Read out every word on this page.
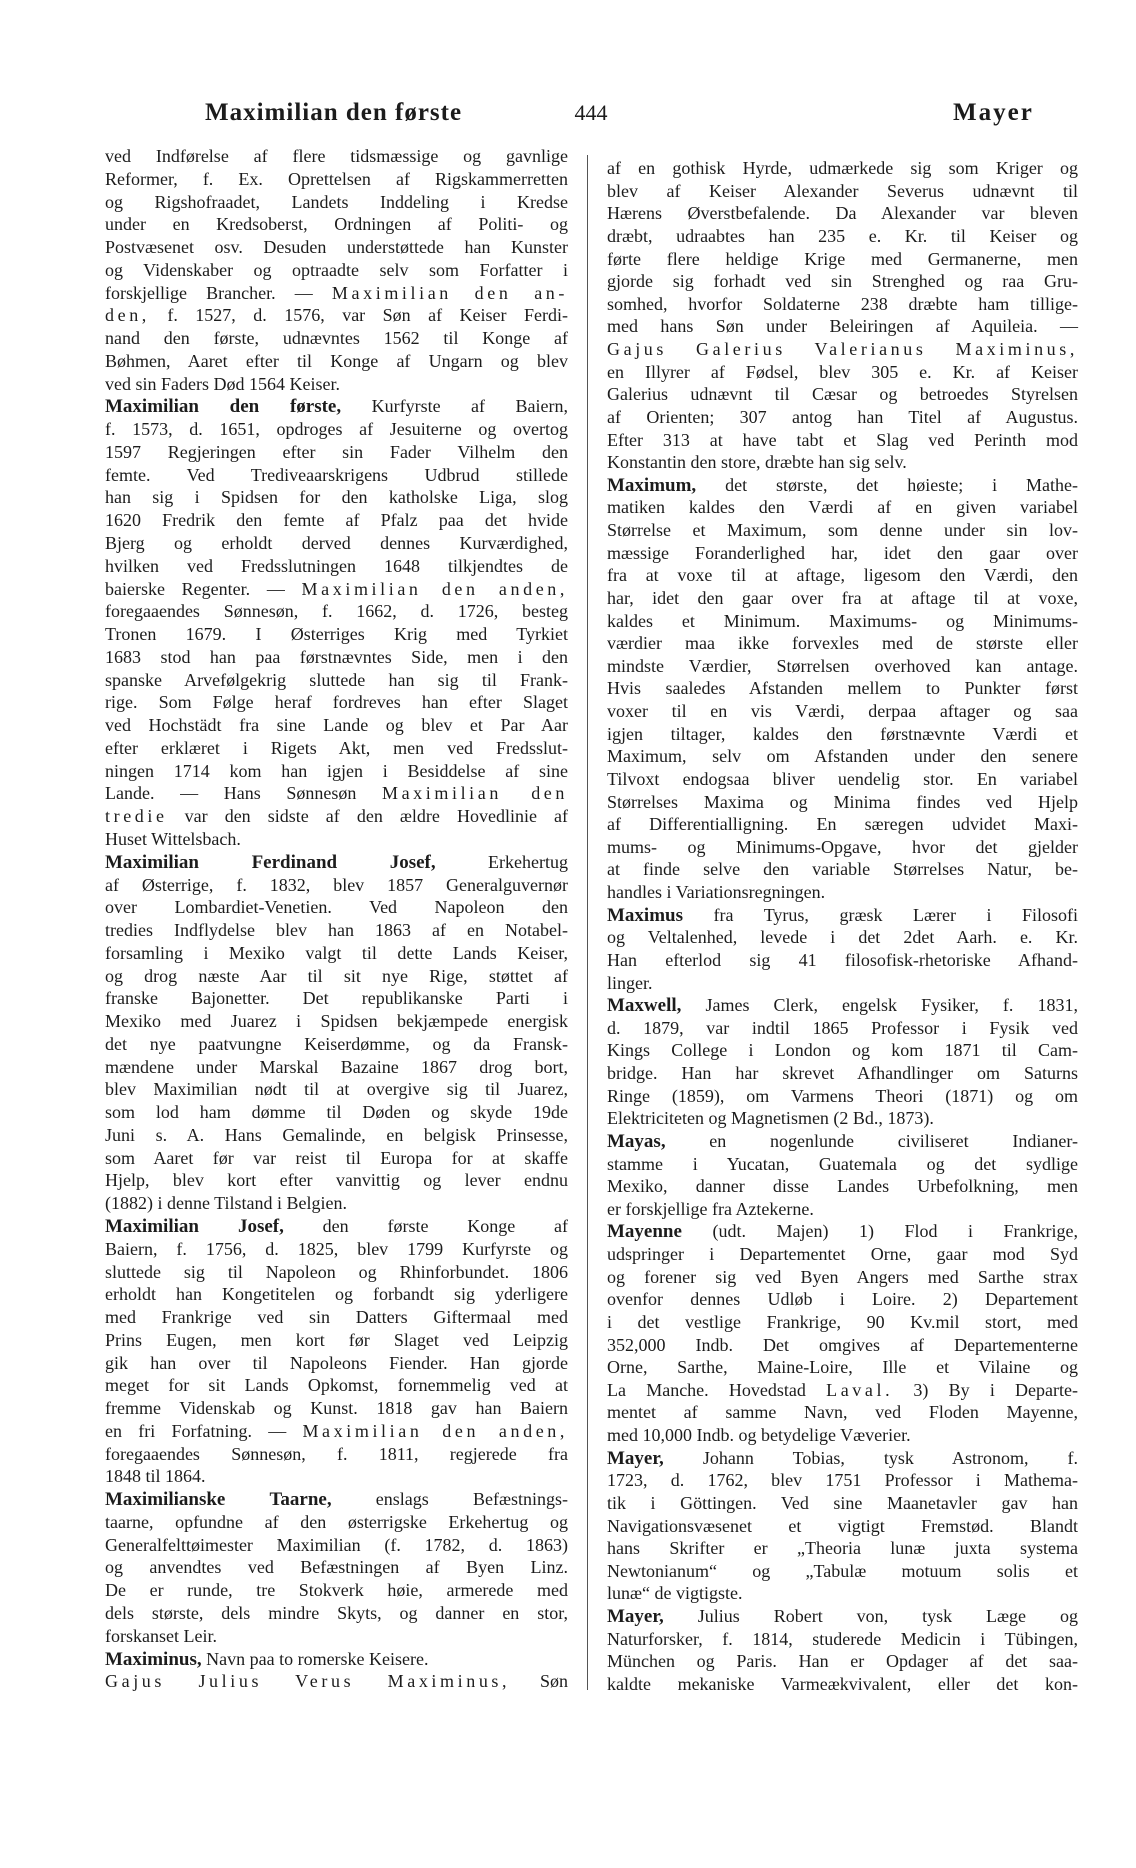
Maximilian den første	444	Mayer
ved Indførelse af flere tidsmæssige og gavnlige
Reformer, f. Ex. Oprettelsen af Rigskammerretten
og Rigshofraadet, Landets Inddeling i Kredse
under en Kredsoberst, Ordningen af Politi- og
Postvæsenet osv. Desuden understøttede han Kunster
og Videnskaber og optraadte selv som Forfatter i
forskjellige Brancher. — Maximilian den an-
den, f. 1527, d. 1576, var Søn af Keiser Ferdi-
nand den første, udnævntes 1562 til Konge af
Bøhmen, Aaret efter til Konge af Ungarn og blev
ved sin Faders Død 1564 Keiser.
Maximilian den første, Kurfyrste af Baiern,
f. 1573, d. 1651, opdroges af Jesuiterne og overtog
1597 Regjeringen efter sin Fader Vilhelm den
femte. Ved Trediveaarskrigens Udbrud stillede
han sig i Spidsen for den katholske Liga, slog
1620 Fredrik den femte af Pfalz paa det hvide
Bjerg og erholdt derved dennes Kurværdighed,
hvilken ved Fredsslutningen 1648 tilkjendtes de
baierske Regenter. — Maximilian den anden,
foregaaendes Sønnesøn, f. 1662, d. 1726, besteg
Tronen 1679. I Østerriges Krig med Tyrkiet
1683 stod han paa førstnævntes Side, men i den
spanske Arvefølgekrig sluttede han sig til Frank-
rige. Som Følge heraf fordreves han efter Slaget
ved Hochstädt fra sine Lande og blev et Par Aar
efter erklæret i Rigets Akt, men ved Fredsslut-
ningen 1714 kom han igjen i Besiddelse af sine
Lande. — Hans Sønnesøn Maximilian den
tredie var den sidste af den ældre Hovedlinie af
Huset Wittelsbach.
Maximilian Ferdinand Josef, Erkehertug
af Østerrige, f. 1832, blev 1857 Generalguvernør
over Lombardiet-Venetien. Ved Napoleon den
tredies Indflydelse blev han 1863 af en Notabel-
forsamling i Mexiko valgt til dette Lands Keiser,
og drog næste Aar til sit nye Rige, støttet af
franske Bajonetter. Det republikanske Parti i
Mexiko med Juarez i Spidsen bekjæmpede energisk
det nye paatvungne Keiserdømme, og da Fransk-
mændene under Marskal Bazaine 1867 drog bort,
blev Maximilian nødt til at overgive sig til Juarez,
som lod ham dømme til Døden og skyde 19de
Juni s. A. Hans Gemalinde, en belgisk Prinsesse,
som Aaret før var reist til Europa for at skaffe
Hjelp, blev kort efter vanvittig og lever endnu
(1882) i denne Tilstand i Belgien.
Maximilian Josef, den første Konge af
Baiern, f. 1756, d. 1825, blev 1799 Kurfyrste og
sluttede sig til Napoleon og Rhinforbundet. 1806
erholdt han Kongetitelen og forbandt sig yderligere
med Frankrige ved sin Datters Giftermaal med
Prins Eugen, men kort før Slaget ved Leipzig
gik han over til Napoleons Fiender. Han gjorde
meget for sit Lands Opkomst, fornemmelig ved at
fremme Videnskab og Kunst. 1818 gav han Baiern
en fri Forfatning. — Maximilian den anden,
foregaaendes Sønnesøn, f. 1811, regjerede fra
1848 til 1864.
Maximilianske Taarne, enslags Befæstnings-
taarne, opfundne af den østerrigske Erkehertug og
Generalfelttøimester Maximilian (f. 1782, d. 1863)
og anvendtes ved Befæstningen af Byen Linz.
De er runde, tre Stokverk høie, armerede med
dels største, dels mindre Skyts, og danner en stor,
forskanset Leir.
Maximinus, Navn paa to romerske Keisere.
Gajus Julius Verus Maximinus, Søn
af en gothisk Hyrde, udmærkede sig som Kriger og
blev af Keiser Alexander Severus udnævnt til
Hærens Øverstbefalende. Da Alexander var bleven
dræbt, udraabtes han 235 e. Kr. til Keiser og
førte flere heldige Krige med Germanerne, men
gjorde sig forhadt ved sin Strenghed og raa Gru-
somhed, hvorfor Soldaterne 238 dræbte ham tillige-
med hans Søn under Beleiringen af Aquileia. —
Gajus Galerius Valerianus Maximinus,
en Illyrer af Fødsel, blev 305 e. Kr. af Keiser
Galerius udnævnt til Cæsar og betroedes Styrelsen
af Orienten; 307 antog han Titel af Augustus.
Efter 313 at have tabt et Slag ved Perinth mod
Konstantin den store, dræbte han sig selv.
Maximum, det største, det høieste; i Mathe-
matiken kaldes den Værdi af en given variabel
Størrelse et Maximum, som denne under sin lov-
mæssige Foranderlighed har, idet den gaar over
fra at voxe til at aftage, ligesom den Værdi, den
har, idet den gaar over fra at aftage til at voxe,
kaldes et Minimum. Maximums- og Minimums-
værdier maa ikke forvexles med de største eller
mindste Værdier, Størrelsen overhoved kan antage.
Hvis saaledes Afstanden mellem to Punkter først
voxer til en vis Værdi, derpaa aftager og saa
igjen tiltager, kaldes den førstnævnte Værdi et
Maximum, selv om Afstanden under den senere
Tilvoxt endogsaa bliver uendelig stor. En variabel
Størrelses Maxima og Minima findes ved Hjelp
af Differentialligning. En særegen udvidet Maxi-
mums- og Minimums-Opgave, hvor det gjelder
at finde selve den variable Størrelses Natur, be-
handles i Variationsregningen.
Maximus fra Tyrus, græsk Lærer i Filosofi
og Veltalenhed, levede i det 2det Aarh. e. Kr.
Han efterlod sig 41 filosofisk-rhetoriske Afhand-
linger.
Maxwell, James Clerk, engelsk Fysiker, f. 1831,
d. 1879, var indtil 1865 Professor i Fysik ved
Kings College i London og kom 1871 til Cam-
bridge. Han har skrevet Afhandlinger om Saturns
Ringe (1859), om Varmens Theori (1871) og om
Elektriciteten og Magnetismen (2 Bd., 1873).
Mayas, en nogenlunde civiliseret Indianer-
stamme i Yucatan, Guatemala og det sydlige
Mexiko, danner disse Landes Urbefolkning, men
er forskjellige fra Aztekerne.
Mayenne (udt. Majen) 1) Flod i Frankrige,
udspringer i Departementet Orne, gaar mod Syd
og forener sig ved Byen Angers med Sarthe strax
ovenfor dennes Udløb i Loire. 2) Departement
i det vestlige Frankrige, 90 Kv.mil stort, med
352,000 Indb. Det omgives af Departementerne
Orne, Sarthe, Maine-Loire, Ille et Vilaine og
La Manche. Hovedstad Laval. 3) By i Departe-
mentet af samme Navn, ved Floden Mayenne,
med 10,000 Indb. og betydelige Væverier.
Mayer, Johann Tobias, tysk Astronom, f.
1723, d. 1762, blev 1751 Professor i Mathema-
tik i Göttingen. Ved sine Maanetavler gav han
Navigationsvæsenet et vigtigt Fremstød. Blandt
hans Skrifter er „Theoria lunæ juxta systema
Newtonianum“ og „Tabulæ motuum solis et
lunæ“ de vigtigste.
Mayer, Julius Robert von, tysk Læge og
Naturforsker, f. 1814, studerede Medicin i Tübingen,
München og Paris. Han er Opdager af det saa-
kaldte mekaniske Varmeækvivalent, eller det kon-
